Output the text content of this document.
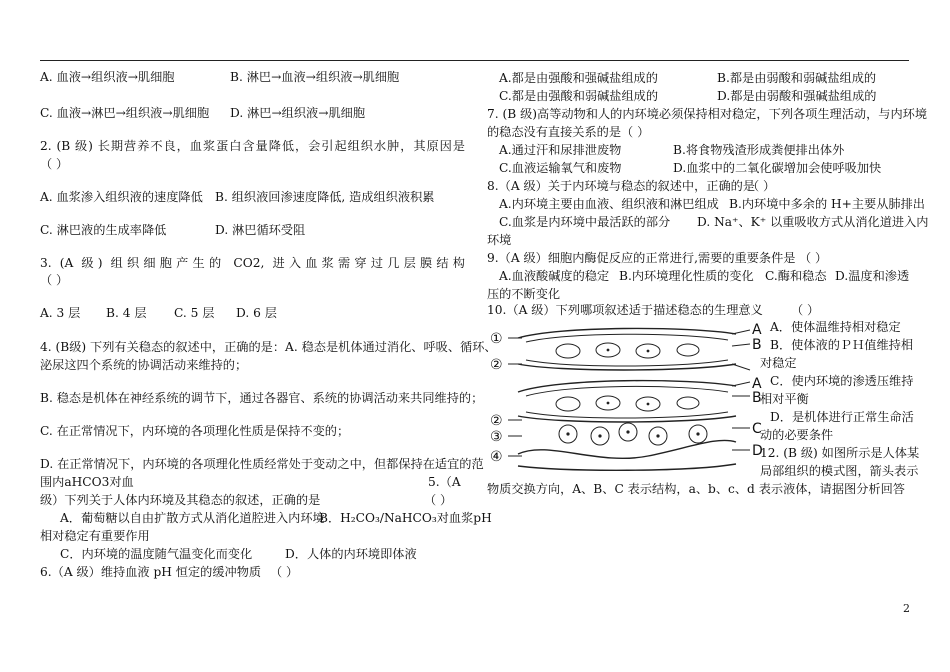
A. 血液→组织液→肌细胞	B. 淋巴→血液→组织液→肌细胞
C. 血液→淋巴→组织液→肌细胞 D. 淋巴→组织液→肌细胞
2. (B 级) 长期营养不良，血浆蛋白含量降低，会引起组织水肿，其原因是
（ ）
A. 血浆渗入组织液的速度降低 B. 组织液回渗速度降低, 造成组织液积累
C. 淋巴液的生成率降低	D. 淋巴循环受阻
3. (A 级) 组织细胞产生的 CO2, 进入血浆需穿过几层膜结构
（ ）
A. 3 层 B. 4 层 C. 5 层 D. 6 层
4. (B级) 下列有关稳态的叙述中，正确的是：A. 稳态是机体通过消化、呼吸、循环、
泌尿这四个系统的协调活动来维持的；
B. 稳态是机体在神经系统的调节下，通过各器官、系统的协调活动来共同维持的；
C. 在正常情况下，内环境的各项理化性质是保持不变的；
D. 在正常情况下，内环境的各项理化性质经常处于变动之中，但都保持在适宜的范
围内aHCO3对血	5.（A
级）下列关于人体内环境及其稳态的叙述，正确的是	（ ）
A．葡萄糖以自由扩散方式从消化道腔进入内环境
B．H₂CO₃/NaHCO₃对血浆pH
相对稳定有重要作用
C．内环境的温度随气温变化而变化	D．人体的内环境即体液
6.（A 级）维持血液 pH 恒定的缓冲物质 （ ）
A.都是由强酸和强碱盐组成的	B.都是由弱酸和弱碱盐组成的
C.都是由强酸和弱碱盐组成的	D.都是由弱酸和强碱盐组成的
7. (B 级)高等动物和人的内环境必须保持相对稳定，下列各项生理活动，与内环境
的稳态没有直接关系的是（ ）
A.通过汗和尿排泄废物	B.将食物残渣形成粪便排出体外
C.血液运输氧气和废物	D.血浆中的二氧化碳增加会使呼吸加快
8.（A 级）关于内环境与稳态的叙述中，正确的是
（ ）
A.内环境主要由血液、组织液和淋巴组成 B.内环境中多余的 H+主要从肺排出
C.血浆是内环境中最活跃的部分 D. Na⁺、K⁺ 以重吸收方式从消化道进入内
环境
9.（A 级）细胞内酶促反应的正常进行,需要的重要条件是 （ ）
A.血液酸碱度的稳定 B.内环境理化性质的变化 C.酶和稳态 D.温度和渗透
压的不断变化
10.（A 级）下列哪项叙述适于描述稳态的生理意义 （ ）
①
②
②
③
④
A
B
A
B
C
D
A．使体温维持相对稳定
B．使体液的ＰＨ值维持相
对稳定
C．使内环境的渗透压维持
相对平衡
D．是机体进行正常生命活
动的必要条件
12. (B 级) 如图所示是人体某
局部组织的模式图，箭头表示
物质交换方向，A、B、C 表示结构，a、b、c、d 表示液体，请据图分析回答
2
